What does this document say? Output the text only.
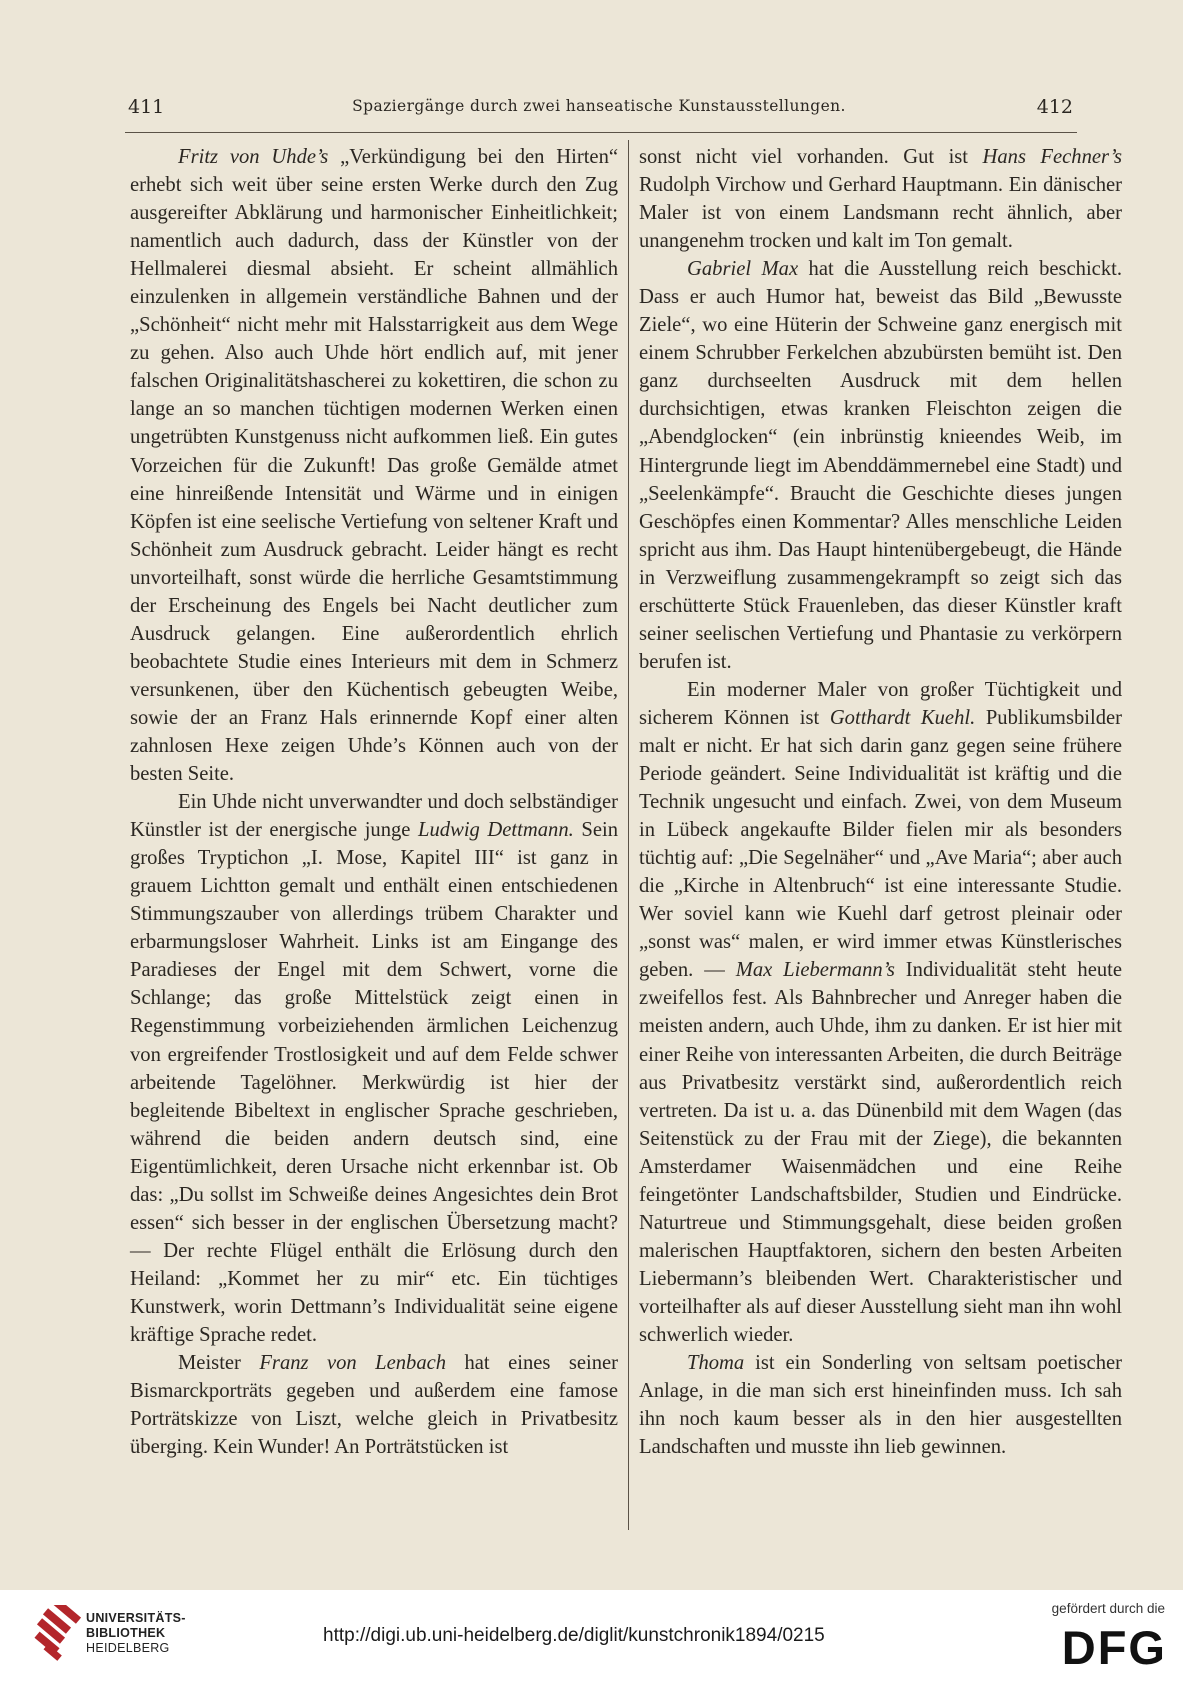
411	Spaziergänge durch zwei hanseatische Kunstausstellungen.	412

Fritz von Uhde’s „Verkündigung bei den Hirten“ erhebt sich weit über seine ersten Werke durch den Zug ausgereifter Abklärung und harmonischer Einheitlichkeit; namentlich auch dadurch, dass der Künstler von der Hellmalerei diesmal absieht. Er scheint allmählich einzulenken in allgemein verständliche Bahnen und der „Schönheit“ nicht mehr mit Halsstarrigkeit aus dem Wege zu gehen. Also auch Uhde hört endlich auf, mit jener falschen Originalitätshascherei zu kokettiren, die schon zu lange an so manchen tüchtigen modernen Werken einen ungetrübten Kunstgenuss nicht aufkommen ließ. Ein gutes Vorzeichen für die Zukunft! Das große Gemälde atmet eine hinreißende Intensität und Wärme und in einigen Köpfen ist eine seelische Vertiefung von seltener Kraft und Schönheit zum Ausdruck gebracht. Leider hängt es recht unvorteilhaft, sonst würde die herrliche Gesamtstimmung der Erscheinung des Engels bei Nacht deutlicher zum Ausdruck gelangen. Eine außerordentlich ehrlich beobachtete Studie eines Interieurs mit dem in Schmerz versunkenen, über den Küchentisch gebeugten Weibe, sowie der an Franz Hals erinnernde Kopf einer alten zahnlosen Hexe zeigen Uhde’s Können auch von der besten Seite.

Ein Uhde nicht unverwandter und doch selbständiger Künstler ist der energische junge Ludwig Dettmann. Sein großes Tryptichon „I. Mose, Kapitel III“ ist ganz in grauem Lichtton gemalt und enthält einen entschiedenen Stimmungszauber von allerdings trübem Charakter und erbarmungsloser Wahrheit. Links ist am Eingange des Paradieses der Engel mit dem Schwert, vorne die Schlange; das große Mittelstück zeigt einen in Regenstimmung vorbeiziehenden ärmlichen Leichenzug von ergreifender Trostlosigkeit und auf dem Felde schwer arbeitende Tagelöhner. Merkwürdig ist hier der begleitende Bibeltext in englischer Sprache geschrieben, während die beiden andern deutsch sind, eine Eigentümlichkeit, deren Ursache nicht erkennbar ist. Ob das: „Du sollst im Schweiße deines Angesichtes dein Brot essen“ sich besser in der englischen Übersetzung macht? — Der rechte Flügel enthält die Erlösung durch den Heiland: „Kommet her zu mir“ etc. Ein tüchtiges Kunstwerk, worin Dettmann’s Individualität seine eigene kräftige Sprache redet.

Meister Franz von Lenbach hat eines seiner Bismarckporträts gegeben und außerdem eine famose Porträtskizze von Liszt, welche gleich in Privatbesitz überging. Kein Wunder! An Porträtstücken ist

sonst nicht viel vorhanden. Gut ist Hans Fechner’s Rudolph Virchow und Gerhard Hauptmann. Ein dänischer Maler ist von einem Landsmann recht ähnlich, aber unangenehm trocken und kalt im Ton gemalt.

Gabriel Max hat die Ausstellung reich beschickt. Dass er auch Humor hat, beweist das Bild „Bewusste Ziele“, wo eine Hüterin der Schweine ganz energisch mit einem Schrubber Ferkelchen abzubürsten bemüht ist. Den ganz durchseelten Ausdruck mit dem hellen durchsichtigen, etwas kranken Fleischton zeigen die „Abendglocken“ (ein inbrünstig knieendes Weib, im Hintergrunde liegt im Abenddämmernebel eine Stadt) und „Seelenkämpfe“. Braucht die Geschichte dieses jungen Geschöpfes einen Kommentar? Alles menschliche Leiden spricht aus ihm. Das Haupt hintenübergebeugt, die Hände in Verzweiflung zusammengekrampft so zeigt sich das erschütterte Stück Frauenleben, das dieser Künstler kraft seiner seelischen Vertiefung und Phantasie zu verkörpern berufen ist.

Ein moderner Maler von großer Tüchtigkeit und sicherem Können ist Gotthardt Kuehl. Publikumsbilder malt er nicht. Er hat sich darin ganz gegen seine frühere Periode geändert. Seine Individualität ist kräftig und die Technik ungesucht und einfach. Zwei, von dem Museum in Lübeck angekaufte Bilder fielen mir als besonders tüchtig auf: „Die Segelnäher“ und „Ave Maria“; aber auch die „Kirche in Altenbruch“ ist eine interessante Studie. Wer soviel kann wie Kuehl darf getrost pleinair oder „sonst was“ malen, er wird immer etwas Künstlerisches geben. — Max Liebermann’s Individualität steht heute zweifellos fest. Als Bahnbrecher und Anreger haben die meisten andern, auch Uhde, ihm zu danken. Er ist hier mit einer Reihe von interessanten Arbeiten, die durch Beiträge aus Privatbesitz verstärkt sind, außerordentlich reich vertreten. Da ist u. a. das Dünenbild mit dem Wagen (das Seitenstück zu der Frau mit der Ziege), die bekannten Amsterdamer Waisenmädchen und eine Reihe feingetönter Landschaftsbilder, Studien und Eindrücke. Naturtreue und Stimmungsgehalt, diese beiden großen malerischen Hauptfaktoren, sichern den besten Arbeiten Liebermann’s bleibenden Wert. Charakteristischer und vorteilhafter als auf dieser Ausstellung sieht man ihn wohl schwerlich wieder.

Thoma ist ein Sonderling von seltsam poetischer Anlage, in die man sich erst hineinfinden muss. Ich sah ihn noch kaum besser als in den hier ausgestellten Landschaften und musste ihn lieb gewinnen.

UNIVERSITÄTS-
BIBLIOTHEK
HEIDELBERG
http://digi.ub.uni-heidelberg.de/diglit/kunstchronik1894/0215
gefördert durch die
DFG
